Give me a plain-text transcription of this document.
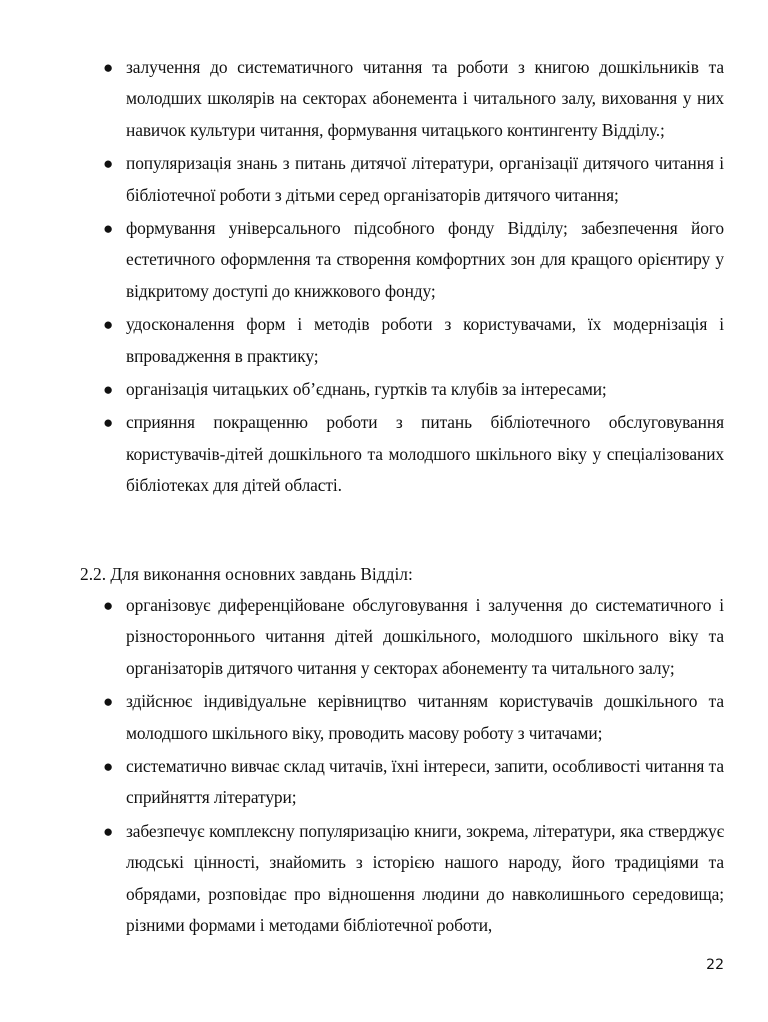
● залучення до систематичного читання та роботи з книгою дошкільників та молодших школярів на секторах абонемента і читального залу, виховання у них навичок культури читання, формування читацького контингенту Відділу.;
● популяризація знань з питань дитячої літератури, організації дитячого читання і бібліотечної роботи з дітьми серед організаторів дитячого читання;
● формування універсального підсобного фонду Відділу; забезпечення його естетичного оформлення та створення комфортних зон для кращого орієнтиру у відкритому доступі до книжкового фонду;
● удосконалення форм і методів роботи з користувачами, їх модернізація і впровадження в практику;
● організація читацьких об’єднань, гуртків та клубів за інтересами;
● сприяння покращенню роботи з питань бібліотечного обслуговування користувачів-дітей дошкільного та молодшого шкільного віку у спеціалізованих бібліотеках для дітей області.

2.2. Для виконання основних завдань Відділ:

● організовує диференційоване обслуговування і залучення до систематичного і різностороннього читання дітей дошкільного, молодшого шкільного віку та організаторів дитячого читання у секторах абонементу та читального залу;
● здійснює індивідуальне керівництво читанням користувачів дошкільного та молодшого шкільного віку, проводить масову роботу з читачами;
● систематично вивчає склад читачів, їхні інтереси, запити, особливості читання та сприйняття літератури;
● забезпечує комплексну популяризацію книги, зокрема, літератури, яка стверджує людські цінності, знайомить з історією нашого народу, його традиціями та обрядами, розповідає про відношення людини до навколишнього середовища; різними формами і методами бібліотечної роботи,
22
